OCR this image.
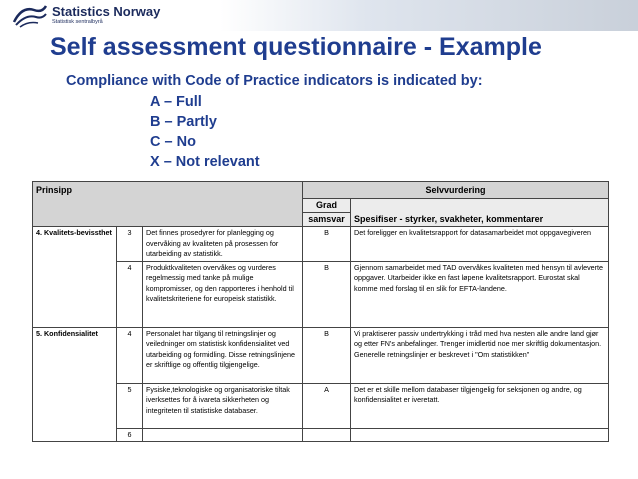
Statistics Norway
Statistisk sentralbyrå
Self assessment questionnaire - Example
Compliance with Code of Practice indicators is indicated by:
A – Full
B – Partly
C – No
X – Not relevant
Prinsipp			Selvvurdering	
			Grad	Spesifiser - styrker, svakheter, kommentarer
			samsvar	
4. Kvalitets-bevissthet	3	Det finnes prosedyrer for planlegging og overvåking av kvaliteten på prosessen for utarbeiding av statistikk.	B	Det foreligger en kvalitetsrapport for datasamarbeidet mot oppgavegiveren
	4	Produktkvaliteten overvåkes og vurderes regelmessig med tanke på mulige kompromisser, og den rapporteres i henhold til kvalitetskriteriene for europeisk statistikk.	B	Gjennom samarbeidet med TAD overvåkes kvaliteten med hensyn til avleverte oppgaver. Utarbeider ikke en fast løpene kvalitetsrapport. Eurostat skal komme med forslag til en slik for EFTA-landene.
5. Konfidensialitet	4	Personalet har tilgang til retningslinjer og veiledninger om statistisk konfidensialitet ved utarbeiding og formidling. Disse retningslinjene er skriftlige og offentlig tilgjengelige.	B	Vi praktiserer passiv undertrykking i tråd med hva nesten alle andre land gjør og etter FN's anbefalinger. Trenger imidlertid noe mer skriftlig dokumentasjon. Generelle retningslinjer er beskrevet i "Om statistikken"
	5	Fysiske,teknologiske og organisatoriske tiltak iverksettes for å ivareta sikkerheten og integriteten til statistiske databaser.	A	Det er et skille mellom databaser tilgjengelig for seksjonen og andre, og konfidensialitet er iveretatt.
	6			
